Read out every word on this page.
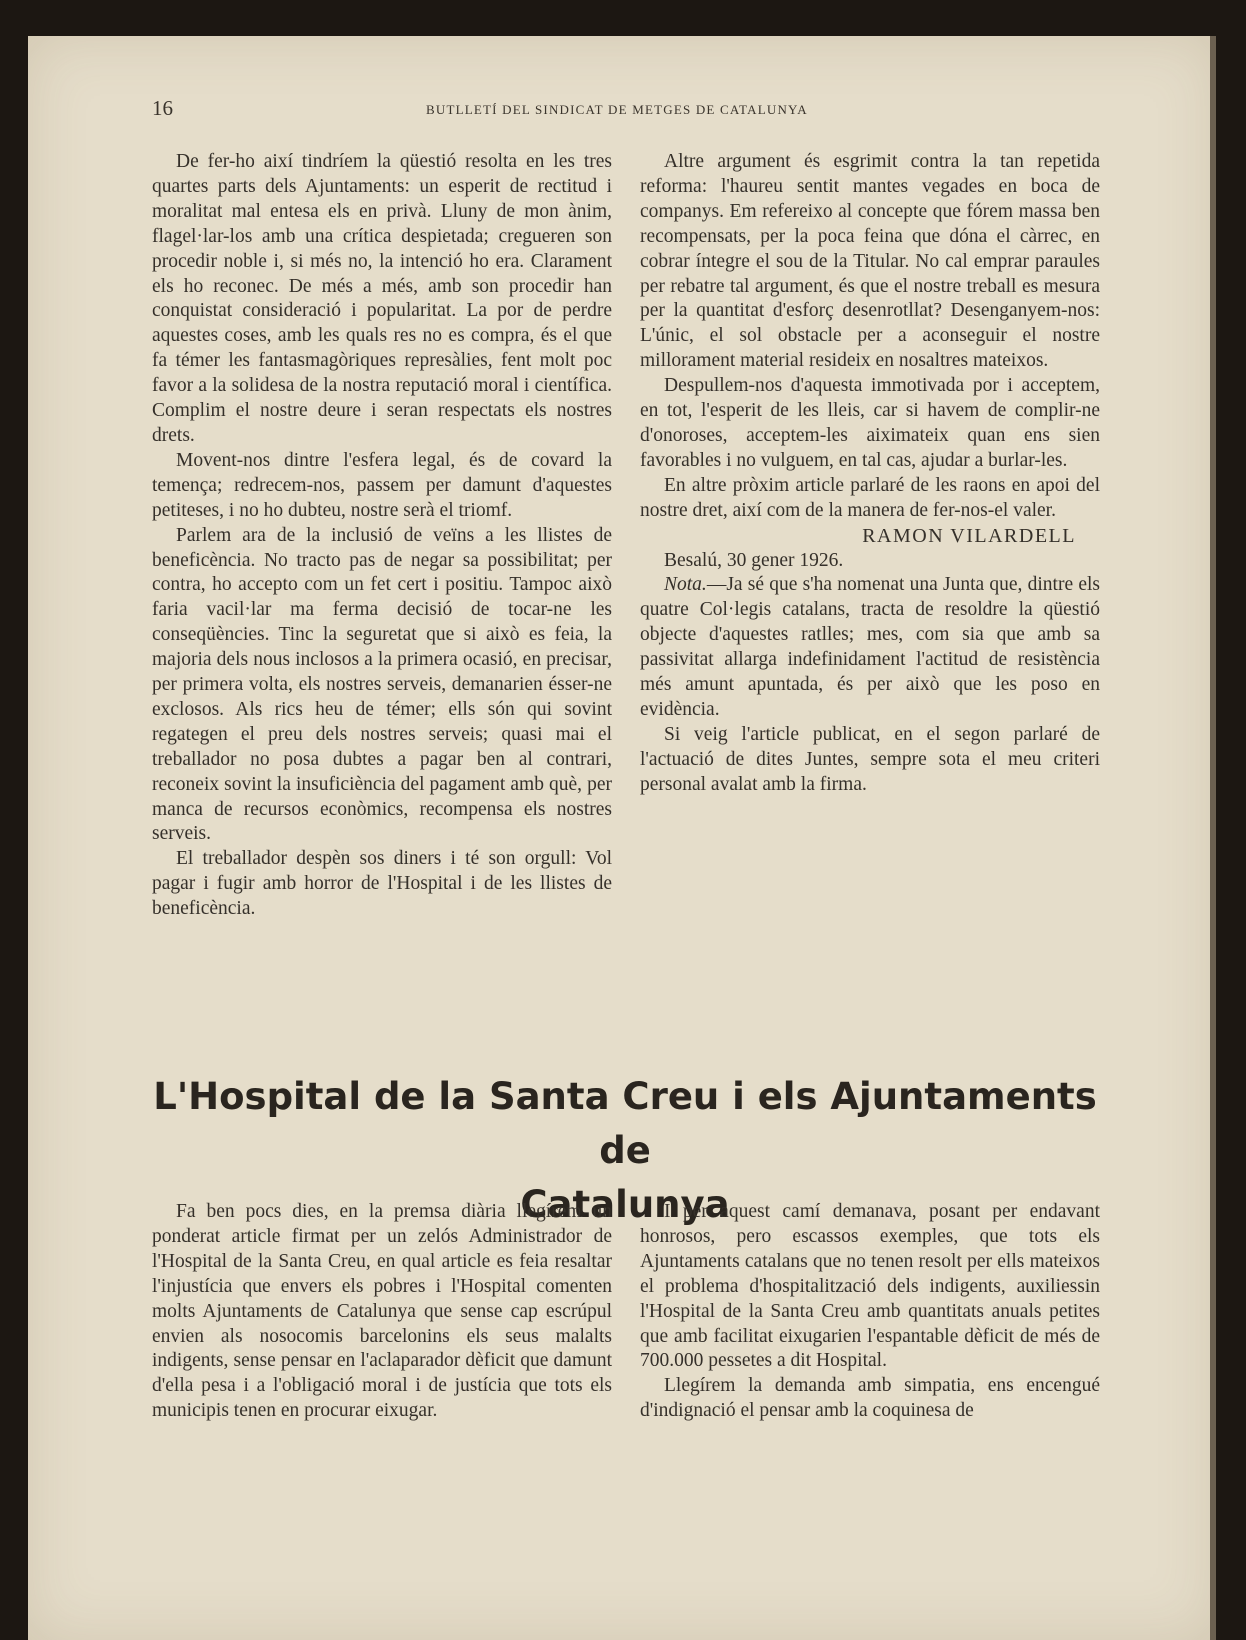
16	BUTLLETÍ DEL SINDICAT DE METGES DE CATALUNYA

De fer-ho així tindríem la qüestió resolta en les tres quartes parts dels Ajuntaments: un esperit de rectitud i moralitat mal entesa els en privà. Lluny de mon ànim, flagel·lar-los amb una crítica despietada; cregueren son procedir noble i, si més no, la intenció ho era. Clarament els ho reconec. De més a més, amb son procedir han conquistat consideració i popularitat. La por de perdre aquestes coses, amb les quals res no es compra, és el que fa témer les fantasmagòriques represàlies, fent molt poc favor a la solidesa de la nostra reputació moral i científica. Complim el nostre deure i seran respectats els nostres drets.

Movent-nos dintre l'esfera legal, és de covard la temença; redrecem-nos, passem per damunt d'aquestes petiteses, i no ho dubteu, nostre serà el triomf.

Parlem ara de la inclusió de veïns a les llistes de beneficència. No tracto pas de negar sa possibilitat; per contra, ho accepto com un fet cert i positiu. Tampoc això faria vacil·lar ma ferma decisió de tocar-ne les conseqüències. Tinc la seguretat que si això es feia, la majoria dels nous inclosos a la primera ocasió, en precisar, per primera volta, els nostres serveis, demanarien ésser-ne exclosos. Als rics heu de témer; ells són qui sovint regategen el preu dels nostres serveis; quasi mai el treballador no posa dubtes a pagar ben al contrari, reconeix sovint la insuficiència del pagament amb què, per manca de recursos econòmics, recompensa els nostres serveis.

El treballador despèn sos diners i té son orgull: Vol pagar i fugir amb horror de l'Hospital i de les llistes de beneficència.

Altre argument és esgrimit contra la tan repetida reforma: l'haureu sentit mantes vegades en boca de companys. Em refereixo al concepte que fórem massa ben recompensats, per la poca feina que dóna el càrrec, en cobrar íntegre el sou de la Titular. No cal emprar paraules per rebatre tal argument, és que el nostre treball es mesura per la quantitat d'esforç desenrotllat? Desenganyem-nos: L'únic, el sol obstacle per a aconseguir el nostre millorament material resideix en nosaltres mateixos.

Despullem-nos d'aquesta immotivada por i acceptem, en tot, l'esperit de les lleis, car si havem de complir-ne d'onoroses, acceptem-les aiximateix quan ens sien favorables i no vulguem, en tal cas, ajudar a burlar-les.

En altre pròxim article parlaré de les raons en apoi del nostre dret, així com de la manera de fer-nos-el valer.

RAMON VILARDELL

Besalú, 30 gener 1926.

Nota.—Ja sé que s'ha nomenat una Junta que, dintre els quatre Col·legis catalans, tracta de resoldre la qüestió objecte d'aquestes ratlles; mes, com sia que amb sa passivitat allarga indefinidament l'actitud de resistència més amunt apuntada, és per això que les poso en evidència.

Si veig l'article publicat, en el segon parlaré de l'actuació de dites Juntes, sempre sota el meu criteri personal avalat amb la firma.

L'Hospital de la Santa Creu i els Ajuntaments de
Catalunya

Fa ben pocs dies, en la premsa diària llegírem un ponderat article firmat per un zelós Administrador de l'Hospital de la Santa Creu, en qual article es feia resaltar l'injustícia que envers els pobres i l'Hospital comenten molts Ajuntaments de Catalunya que sense cap escrúpul envien als nosocomis barcelonins els seus malalts indigents, sense pensar en l'aclaparador dèficit que damunt d'ella pesa i a l'obligació moral i de justícia que tots els municipis tenen en procurar eixugar.

I per aquest camí demanava, posant per endavant honrosos, pero escassos exemples, que tots els Ajuntaments catalans que no tenen resolt per ells mateixos el problema d'hospitalització dels indigents, auxiliessin l'Hospital de la Santa Creu amb quantitats anuals petites que amb facilitat eixugarien l'espantable dèficit de més de 700.000 pessetes a dit Hospital.

Llegírem la demanda amb simpatia, ens encengué d'indignació el pensar amb la coquinesa de
